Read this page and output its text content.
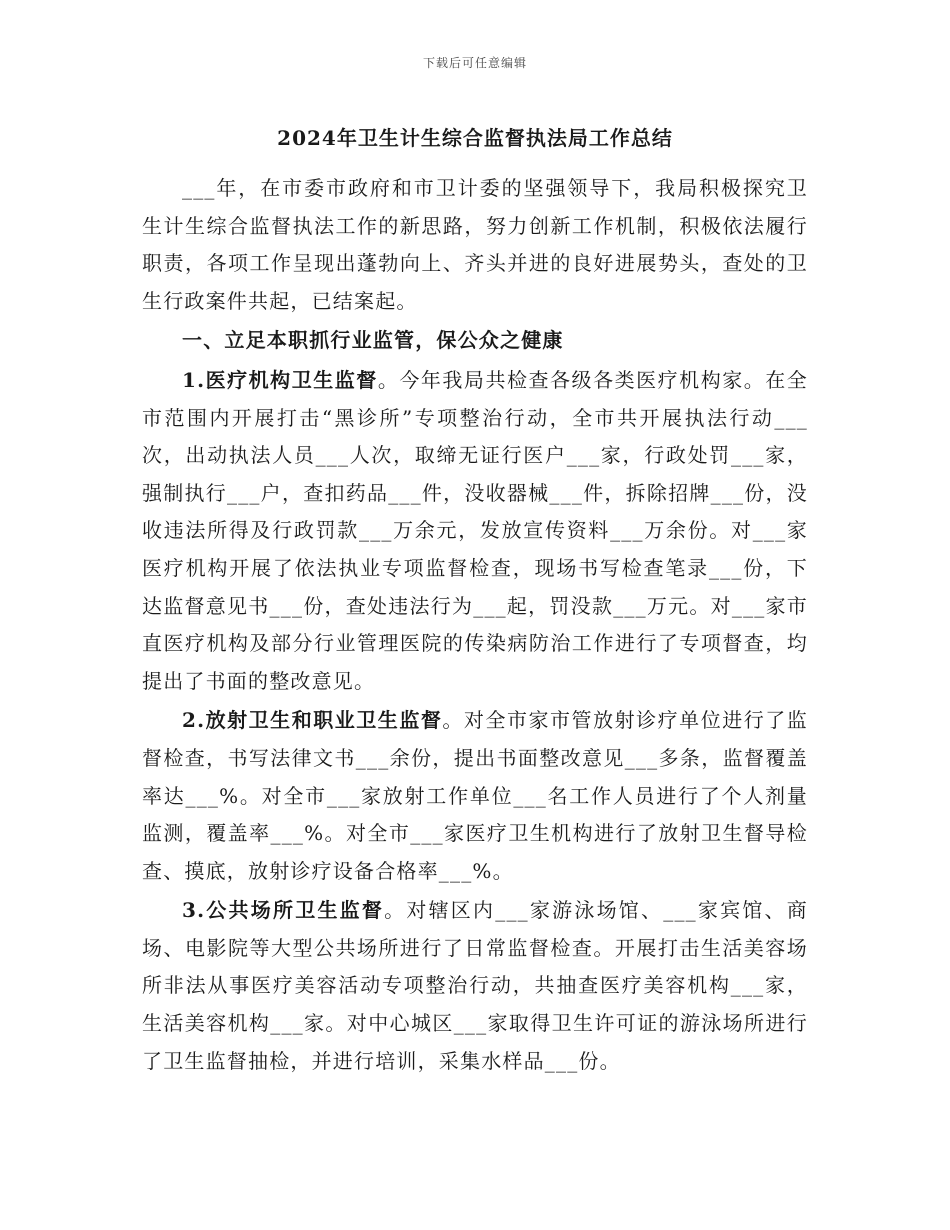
下载后可任意编辑
2024年卫生计生综合监督执法局工作总结

___年，在市委市政府和市卫计委的坚强领导下，我局积极探究卫生计生综合监督执法工作的新思路，努力创新工作机制，积极依法履行职责，各项工作呈现出蓬勃向上、齐头并进的良好进展势头，查处的卫生行政案件共起，已结案起。

一、立足本职抓行业监管，保公众之健康

1.医疗机构卫生监督。今年我局共检查各级各类医疗机构家。在全市范围内开展打击“黑诊所”专项整治行动，全市共开展执法行动___次，出动执法人员___人次，取缔无证行医户___家，行政处罚___家，强制执行___户，查扣药品___件，没收器械___件，拆除招牌___份，没收违法所得及行政罚款___万余元，发放宣传资料___万余份。对___家医疗机构开展了依法执业专项监督检查，现场书写检查笔录___份，下达监督意见书___份，查处违法行为___起，罚没款___万元。对___家市直医疗机构及部分行业管理医院的传染病防治工作进行了专项督查，均提出了书面的整改意见。

2.放射卫生和职业卫生监督。对全市家市管放射诊疗单位进行了监督检查，书写法律文书___余份，提出书面整改意见___多条，监督覆盖率达___%。对全市___家放射工作单位___名工作人员进行了个人剂量监测，覆盖率___%。对全市___家医疗卫生机构进行了放射卫生督导检查、摸底，放射诊疗设备合格率___%。

3.公共场所卫生监督。对辖区内___家游泳场馆、___家宾馆、商场、电影院等大型公共场所进行了日常监督检查。开展打击生活美容场所非法从事医疗美容活动专项整治行动，共抽查医疗美容机构___家，生活美容机构___家。对中心城区___家取得卫生许可证的游泳场所进行了卫生监督抽检，并进行培训，采集水样品___份。
